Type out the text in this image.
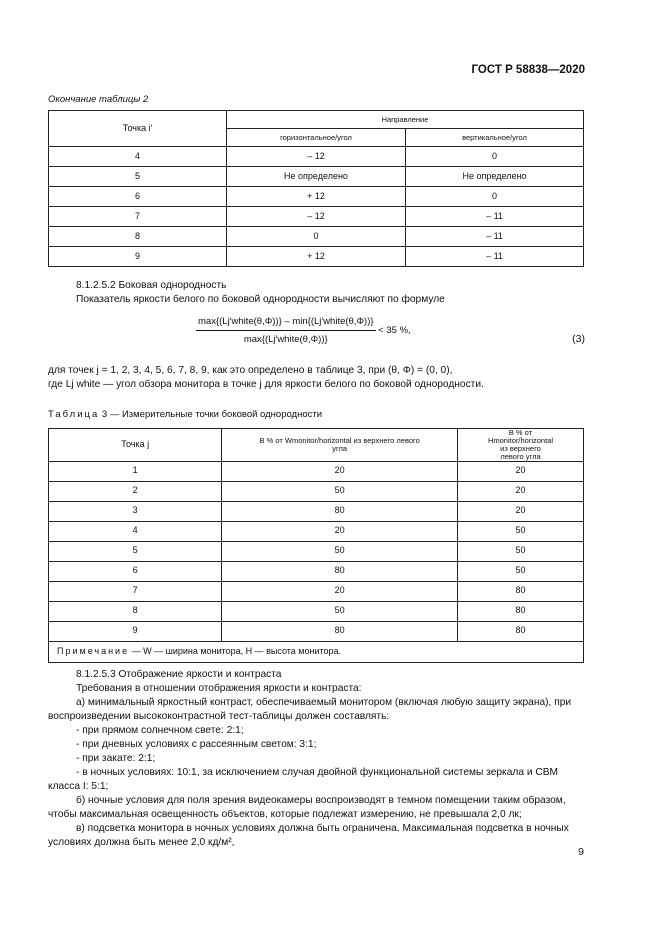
ГОСТ Р 58838—2020
Окончание таблицы 2
Точка i′	Направление	
	горизонтальное/угол	вертикальное/угол
4	– 12	0
5	Не определено	Не определено
6	+ 12	0
7	– 12	– 11
8	0	– 11
9	+ 12	– 11
8.1.2.5.2 Боковая однородность
Показатель яркости белого по боковой однородности вычисляют по формуле
$\frac{\text{max\{(Lj′white(θ,Φ))\} – min\{(Lj′white(θ,Φ))\}}}{\text{max\{(Lj′white(θ,Φ))\}}} < 35$ %,
(3)
для точек j = 1, 2, 3, 4, 5, 6, 7, 8, 9, как это определено в таблице 3, при (θ, Φ) = (0, 0),
где Lj white — угол обзора монитора в точке j для яркости белого по боковой однородности.
Таблица 3 — Измерительные точки боковой однородности
Точка j	В % от Wmonitor/horizontal из верхнего левого угла	В % от Hmonitor/horizontal из верхнего левого угла
1	20	20
2	50	20
3	80	20
4	20	50
5	50	50
6	80	50
7	20	80
8	50	80
9	80	80
Примечание — W — ширина монитора, H — высота монитора.		
8.1.2.5.3 Отображение яркости и контраста
Требования в отношении отображения яркости и контраста:
а) минимальный яркостный контраст, обеспечиваемый монитором (включая любую защиту экрана), при воспроизведении высококонтрастной тест-таблицы должен составлять:
- при прямом солнечном свете: 2:1;
- при дневных условиях с рассеянным светом: 3:1;
- при закате: 2:1;
- в ночных условиях: 10:1, за исключением случая двойной функциональной системы зеркала и СВМ класса I: 5:1;
б) ночные условия для поля зрения видеокамеры воспроизводят в темном помещении таким образом, чтобы максимальная освещенность объектов, которые подлежат измерению, не превышала 2,0 лк;
в) подсветка монитора в ночных условиях должна быть ограничена. Максимальная подсветка в ночных условиях должна быть менее 2,0 кд/м²,
9
